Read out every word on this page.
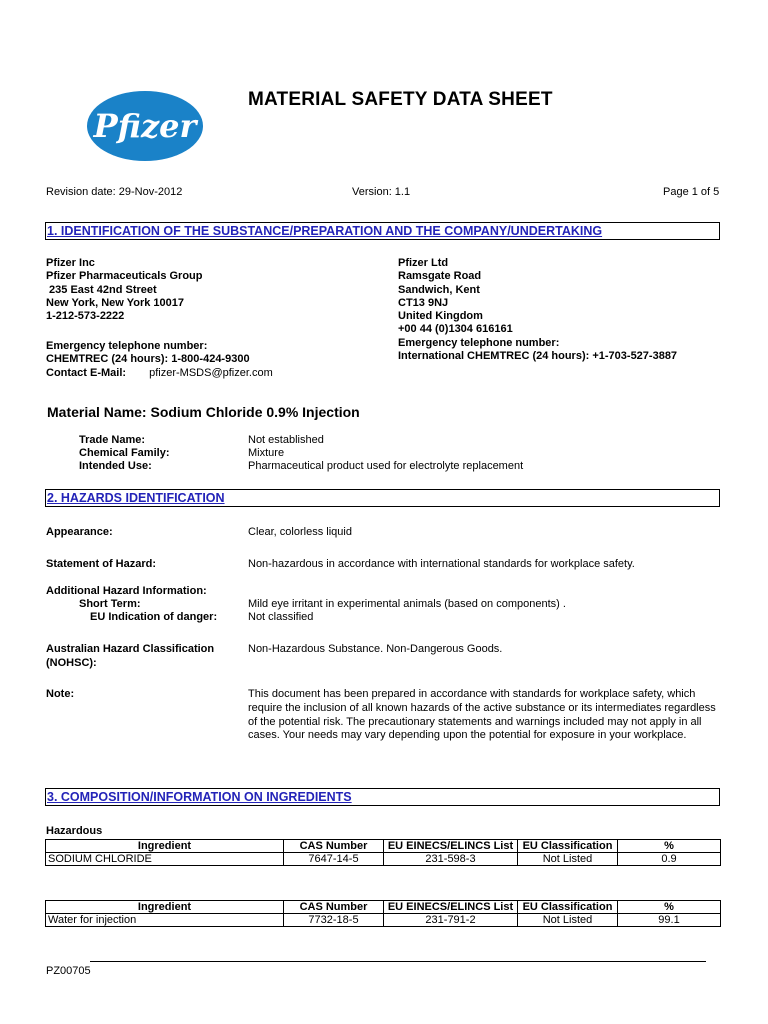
Pfizer
MATERIAL SAFETY DATA SHEET
Revision date: 29-Nov-2012	Version: 1.1	Page 1 of 5
1. IDENTIFICATION OF THE SUBSTANCE/PREPARATION AND THE COMPANY/UNDERTAKING
Pfizer Inc
Pfizer Pharmaceuticals Group
235 East 42nd Street
New York, New York 10017
1-212-573-2222
Emergency telephone number:
CHEMTREC (24 hours): 1-800-424-9300
Contact E-Mail: pfizer-MSDS@pfizer.com
Pfizer Ltd
Ramsgate Road
Sandwich, Kent
CT13 9NJ
United Kingdom
+00 44 (0)1304 616161
Emergency telephone number:
International CHEMTREC (24 hours): +1-703-527-3887
Material Name: Sodium Chloride 0.9% Injection
Trade Name:	Not established
Chemical Family:	Mixture
Intended Use:	Pharmaceutical product used for electrolyte replacement
2. HAZARDS IDENTIFICATION
Appearance:	Clear, colorless liquid
Statement of Hazard:	Non-hazardous in accordance with international standards for workplace safety.
Additional Hazard Information:
Short Term:	Mild eye irritant in experimental animals (based on components) .
EU Indication of danger:	Not classified
Australian Hazard Classification
(NOHSC):
Non-Hazardous Substance. Non-Dangerous Goods.
Note:	This document has been prepared in accordance with standards for workplace safety, which require the inclusion of all known hazards of the active substance or its intermediates regardless of the potential risk. The precautionary statements and warnings included may not apply in all cases. Your needs may vary depending upon the potential for exposure in your workplace.
3. COMPOSITION/INFORMATION ON INGREDIENTS
Hazardous
Ingredient	CAS Number	EU EINECS/ELINCS List	EU Classification	%
SODIUM CHLORIDE	7647-14-5	231-598-3	Not Listed	0.9
Ingredient	CAS Number	EU EINECS/ELINCS List	EU Classification	%
Water for injection	7732-18-5	231-791-2	Not Listed	99.1
PZ00705
